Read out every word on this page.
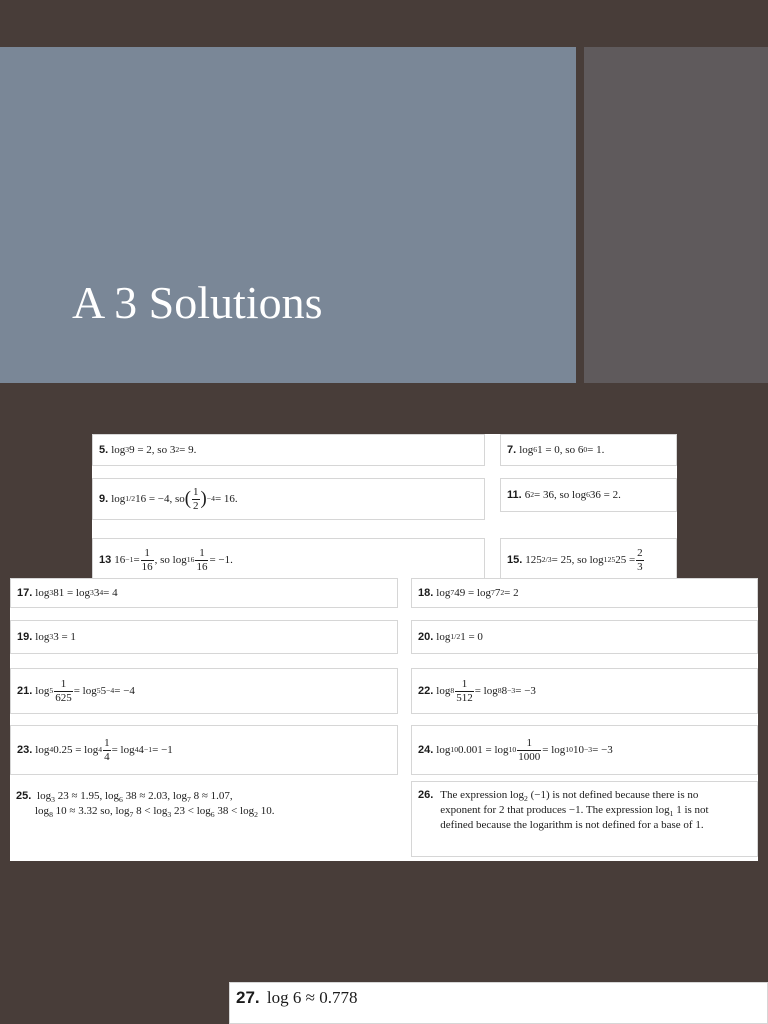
A 3 Solutions
5. log 3 9 = 2, so 3 2 = 9.	7. log 6 1 = 0, so 6 0 = 1.
9. log 1/2 16 = −4, so ( $\frac{1}{2}$ ) −4 = 16.	11. 6 2 = 36, so log 6 36 = 2.
13 $16 -1 = \frac{1}{16}$ , so $\log 16 \frac{1}{16} = -1$.	15. 125 2/3 = 25, so log 125 $25 = \frac{2}{3}$
17. log 3 81 = log 3 3 4 = 4	18. log 7 49 = log 7 7 2 = 2
19. log 3 3 = 1	20. log 1/2 1 = 0
21. $\log 5 \frac{1}{625} = \log 5$ 5 −4 = −4	22. $\log 8 \frac{1}{512} = \log 8$ 8 −3 = −3
23. log 4 $0.25 = \log 4 \frac{1}{4} = \log 4$ 4 −1 = −1	24. log 10 $0.001 = \log 10 \frac{1}{1000} = \log 10$ 10 −3 = −3
25. $\log_3 23 \approx 1.95$, $\log_6 38 \approx 2.03$, $\log_7 8 \approx 1.07$,
$\log_8 10 \approx 3.32$ so, $\log_7 8 < \log_3 23 < \log_6 38 < \log_2 10$.
26. The expression $\log_2 (-1)$ is not defined because there is no exponent for 2 that produces −1. The expression $\log_1 1$ is not defined because the logarithm is not defined for a base of 1.
27. log 6 ≈ 0.778
